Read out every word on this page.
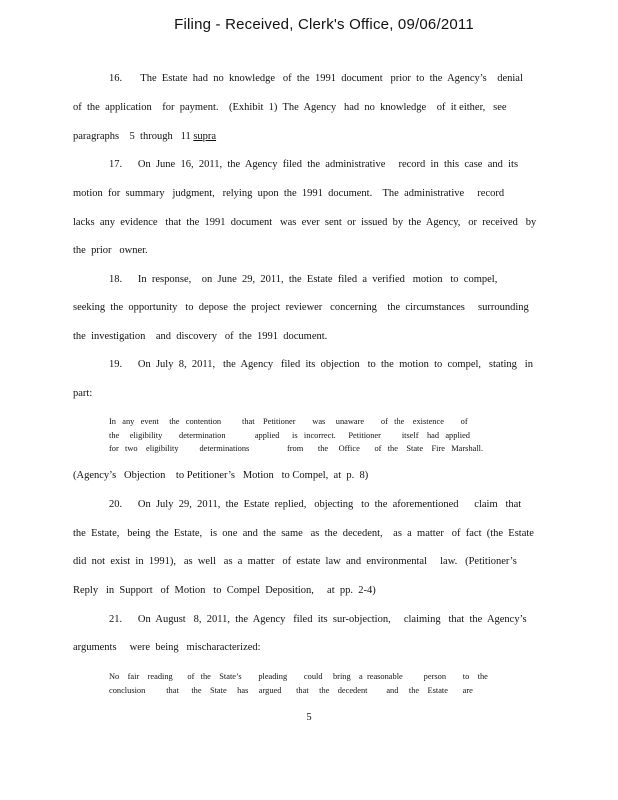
Filing - Received, Clerk's Office, 09/06/2011
16.       The  Estate  had  no  knowledge   of  the  1991  document   prior  to  the  Agency’s    denial
of  the  application    for  payment.    (Exhibit  1)  The  Agency   had  no  knowledge    of  it either,   see
paragraphs    5  through   11 supra
17.      On  June  16,  2011,  the  Agency  filed  the  administrative     record  in  this  case  and  its
motion  for  summary   judgment,   relying  upon  the  1991  document.    The  administrative     record
lacks  any  evidence   that  the  1991  document   was  ever  sent  or  issued  by  the  Agency,   or  received   by
the  prior   owner.
18.      In  response,    on  June  29,  2011,  the  Estate  filed  a  verified   motion   to  compel,
seeking  the  opportunity   to  depose  the  project  reviewer   concerning    the  circumstances     surrounding
the  investigation    and  discovery   of  the  1991  document.
19.      On  July  8,  2011,   the  Agency   filed  its  objection   to  the  motion  to  compel,   stating   in
part:
In   any   event     the   contention          that    Petitioner        was     unaware        of   the    existence        of
the     eligibility        determination              applied      is   incorrect.      Petitioner          itself    had   applied
for   two    eligibility          determinations                  from       the     Office       of   the    State    Fire   Marshall.
(Agency’s   Objection    to Petitioner’s   Motion   to Compel,  at  p.  8)
20.      On  July  29,  2011,  the  Estate  replied,   objecting   to  the  aforementioned      claim   that
the  Estate,   being  the  Estate,   is  one  and  the  same   as  the  decedent,    as  a  matter   of  fact  (the  Estate
did  not  exist  in  1991),   as  well   as  a  matter   of  estate  law  and  environmental     law.   (Petitioner’s
Reply   in  Support   of  Motion   to  Compel  Deposition,     at  pp.  2-4)
21.      On  August   8,  2011,  the  Agency   filed  its  sur-objection,     claiming   that  the  Agency’s
arguments     were  being   mischaracterized:
No    fair    reading       of   the    State’s        pleading        could     bring    a  reasonable          person        to    the
conclusion          that      the    State     has     argued       that     the    decedent         and     the    Estate       are
5
